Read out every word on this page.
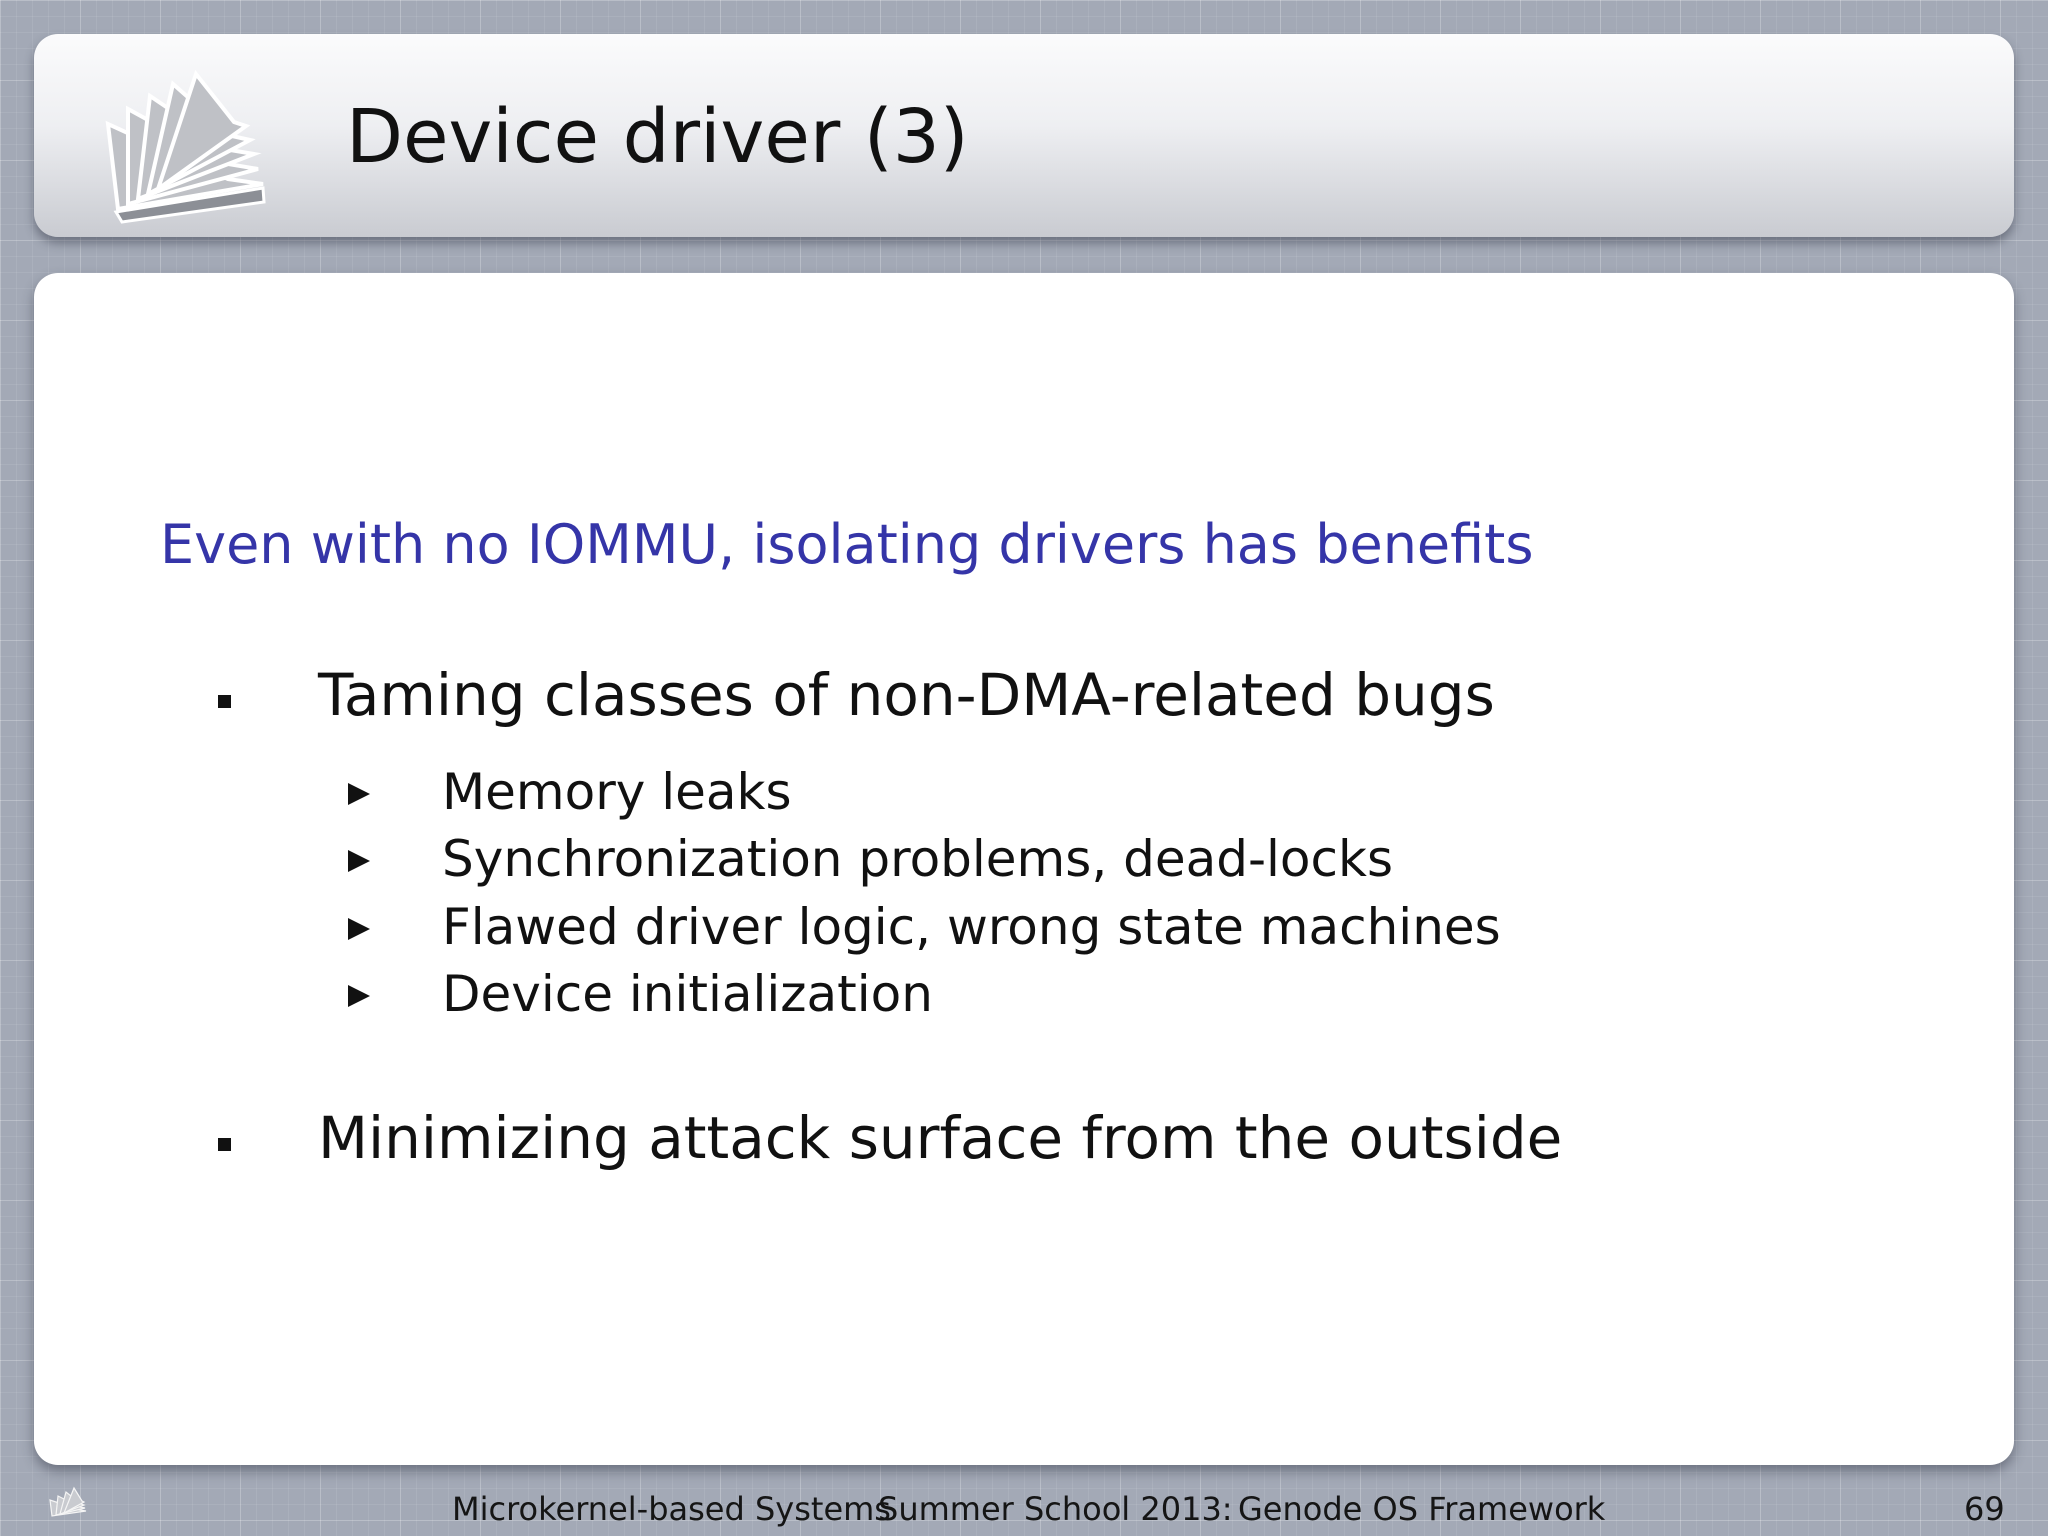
Device driver (3)
Even with no IOMMU, isolating drivers has benefits
Taming classes of non-DMA-related bugs
Memory leaks
Synchronization problems, dead-locks
Flawed driver logic, wrong state machines
Device initialization
Minimizing attack surface from the outside
Microkernel-based Systems
Summer School 2013: Genode OS Framework	69
